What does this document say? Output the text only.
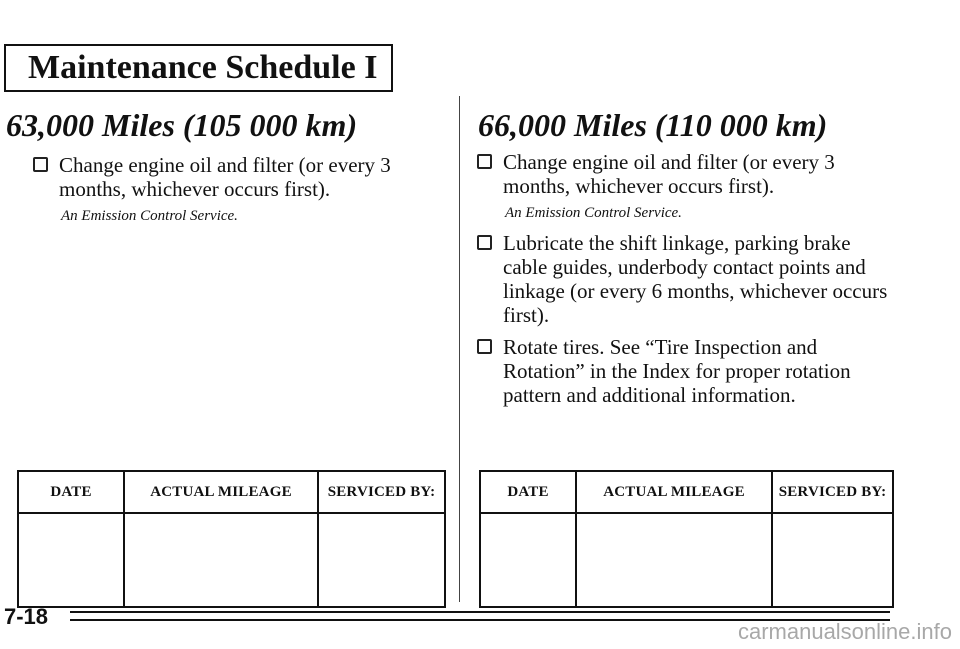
Maintenance Schedule I
63,000 Miles (105 000 km)
Change engine oil and filter (or every 3 months, whichever occurs first).
An Emission Control Service.
66,000 Miles (110 000 km)
Change engine oil and filter (or every 3 months, whichever occurs first).
An Emission Control Service.
Lubricate the shift linkage, parking brake cable guides, underbody contact points and linkage (or every 6 months, whichever occurs first).
Rotate tires. See “Tire Inspection and Rotation” in the Index for proper rotation pattern and additional information.
DATE	ACTUAL MILEAGE	SERVICED BY:
			DATE	ACTUAL MILEAGE	SERVICED BY:

7-18
carmanualsonline.info
